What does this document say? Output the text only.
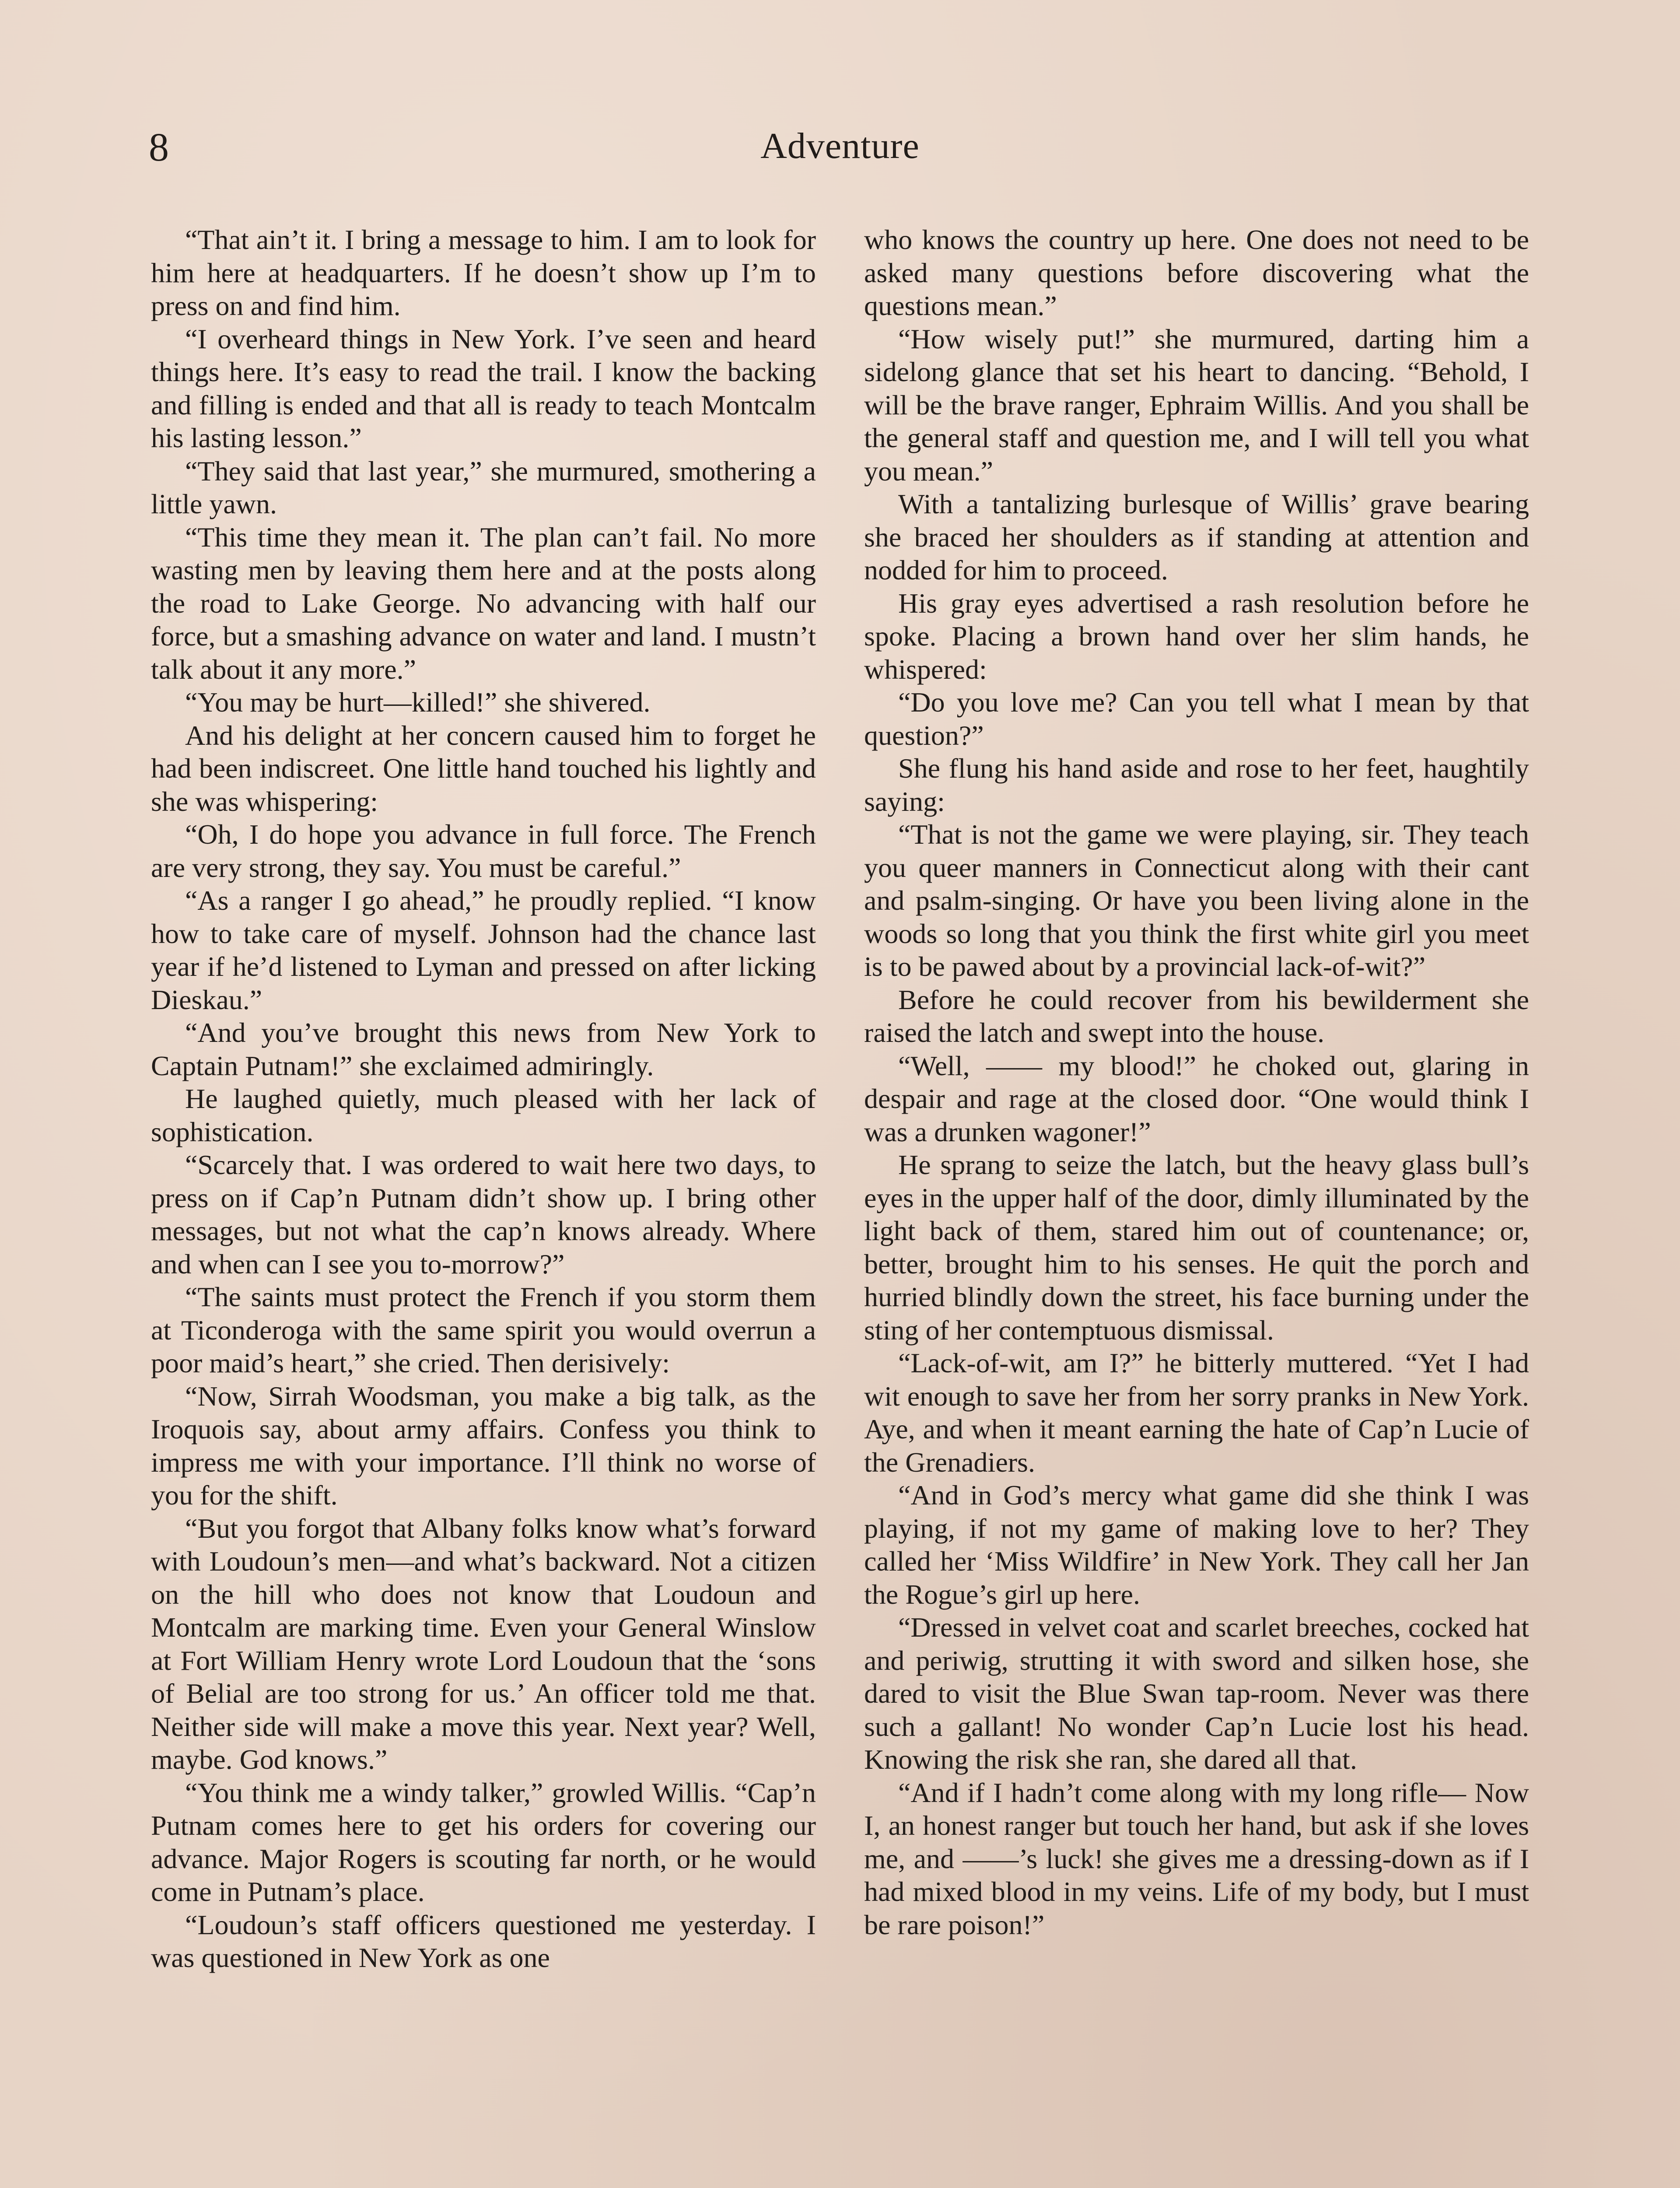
8	Adventure

“That ain’t it. I bring a message to him. I am to look for him here at headquarters. If he doesn’t show up I’m to press on and find him.

“I overheard things in New York. I’ve seen and heard things here. It’s easy to read the trail. I know the backing and filling is ended and that all is ready to teach Montcalm his lasting lesson.”

“They said that last year,” she murmured, smothering a little yawn.

“This time they mean it. The plan can’t fail. No more wasting men by leaving them here and at the posts along the road to Lake George. No advancing with half our force, but a smashing advance on water and land. I mustn’t talk about it any more.”

“You may be hurt—killed!” she shivered.

And his delight at her concern caused him to forget he had been indiscreet. One little hand touched his lightly and she was whispering:

“Oh, I do hope you advance in full force. The French are very strong, they say. You must be careful.”

“As a ranger I go ahead,” he proudly replied. “I know how to take care of myself. Johnson had the chance last year if he’d listened to Lyman and pressed on after licking Dieskau.”

“And you’ve brought this news from New York to Captain Putnam!” she exclaimed admiringly.

He laughed quietly, much pleased with her lack of sophistication.

“Scarcely that. I was ordered to wait here two days, to press on if Cap’n Putnam didn’t show up. I bring other messages, but not what the cap’n knows already. Where and when can I see you to-morrow?”

“The saints must protect the French if you storm them at Ticonderoga with the same spirit you would overrun a poor maid’s heart,” she cried. Then derisively:

“Now, Sirrah Woodsman, you make a big talk, as the Iroquois say, about army affairs. Confess you think to impress me with your importance. I’ll think no worse of you for the shift.

“But you forgot that Albany folks know what’s forward with Loudoun’s men—and what’s backward. Not a citizen on the hill who does not know that Loudoun and Montcalm are marking time. Even your General Winslow at Fort William Henry wrote Lord Loudoun that the ‘sons of Belial are too strong for us.’ An officer told me that. Neither side will make a move this year. Next year? Well, maybe. God knows.”

“You think me a windy talker,” growled Willis. “Cap’n Putnam comes here to get his orders for covering our advance. Major Rogers is scouting far north, or he would come in Putnam’s place.

“Loudoun’s staff officers questioned me yesterday. I was questioned in New York as one

who knows the country up here. One does not need to be asked many questions before discovering what the questions mean.”

“How wisely put!” she murmured, darting him a sidelong glance that set his heart to dancing. “Behold, I will be the brave ranger, Ephraim Willis. And you shall be the general staff and question me, and I will tell you what you mean.”

With a tantalizing burlesque of Willis’ grave bearing she braced her shoulders as if standing at attention and nodded for him to proceed.

His gray eyes advertised a rash resolution before he spoke. Placing a brown hand over her slim hands, he whispered:

“Do you love me? Can you tell what I mean by that question?”

She flung his hand aside and rose to her feet, haughtily saying:

“That is not the game we were playing, sir. They teach you queer manners in Connecticut along with their cant and psalm-singing. Or have you been living alone in the woods so long that you think the first white girl you meet is to be pawed about by a provincial lack-of-wit?”

Before he could recover from his bewilderment she raised the latch and swept into the house.

“Well, —— my blood!” he choked out, glaring in despair and rage at the closed door. “One would think I was a drunken wagoner!”

He sprang to seize the latch, but the heavy glass bull’s eyes in the upper half of the door, dimly illuminated by the light back of them, stared him out of countenance; or, better, brought him to his senses. He quit the porch and hurried blindly down the street, his face burning under the sting of her contemptuous dismissal.

“Lack-of-wit, am I?” he bitterly muttered. “Yet I had wit enough to save her from her sorry pranks in New York. Aye, and when it meant earning the hate of Cap’n Lucie of the Grenadiers.

“And in God’s mercy what game did she think I was playing, if not my game of making love to her? They called her ‘Miss Wildfire’ in New York. They call her Jan the Rogue’s girl up here.

“Dressed in velvet coat and scarlet breeches, cocked hat and periwig, strutting it with sword and silken hose, she dared to visit the Blue Swan tap-room. Never was there such a gallant! No wonder Cap’n Lucie lost his head. Knowing the risk she ran, she dared all that.

“And if I hadn’t come along with my long rifle— Now I, an honest ranger but touch her hand, but ask if she loves me, and ——’s luck! she gives me a dressing-down as if I had mixed blood in my veins. Life of my body, but I must be rare poison!”
